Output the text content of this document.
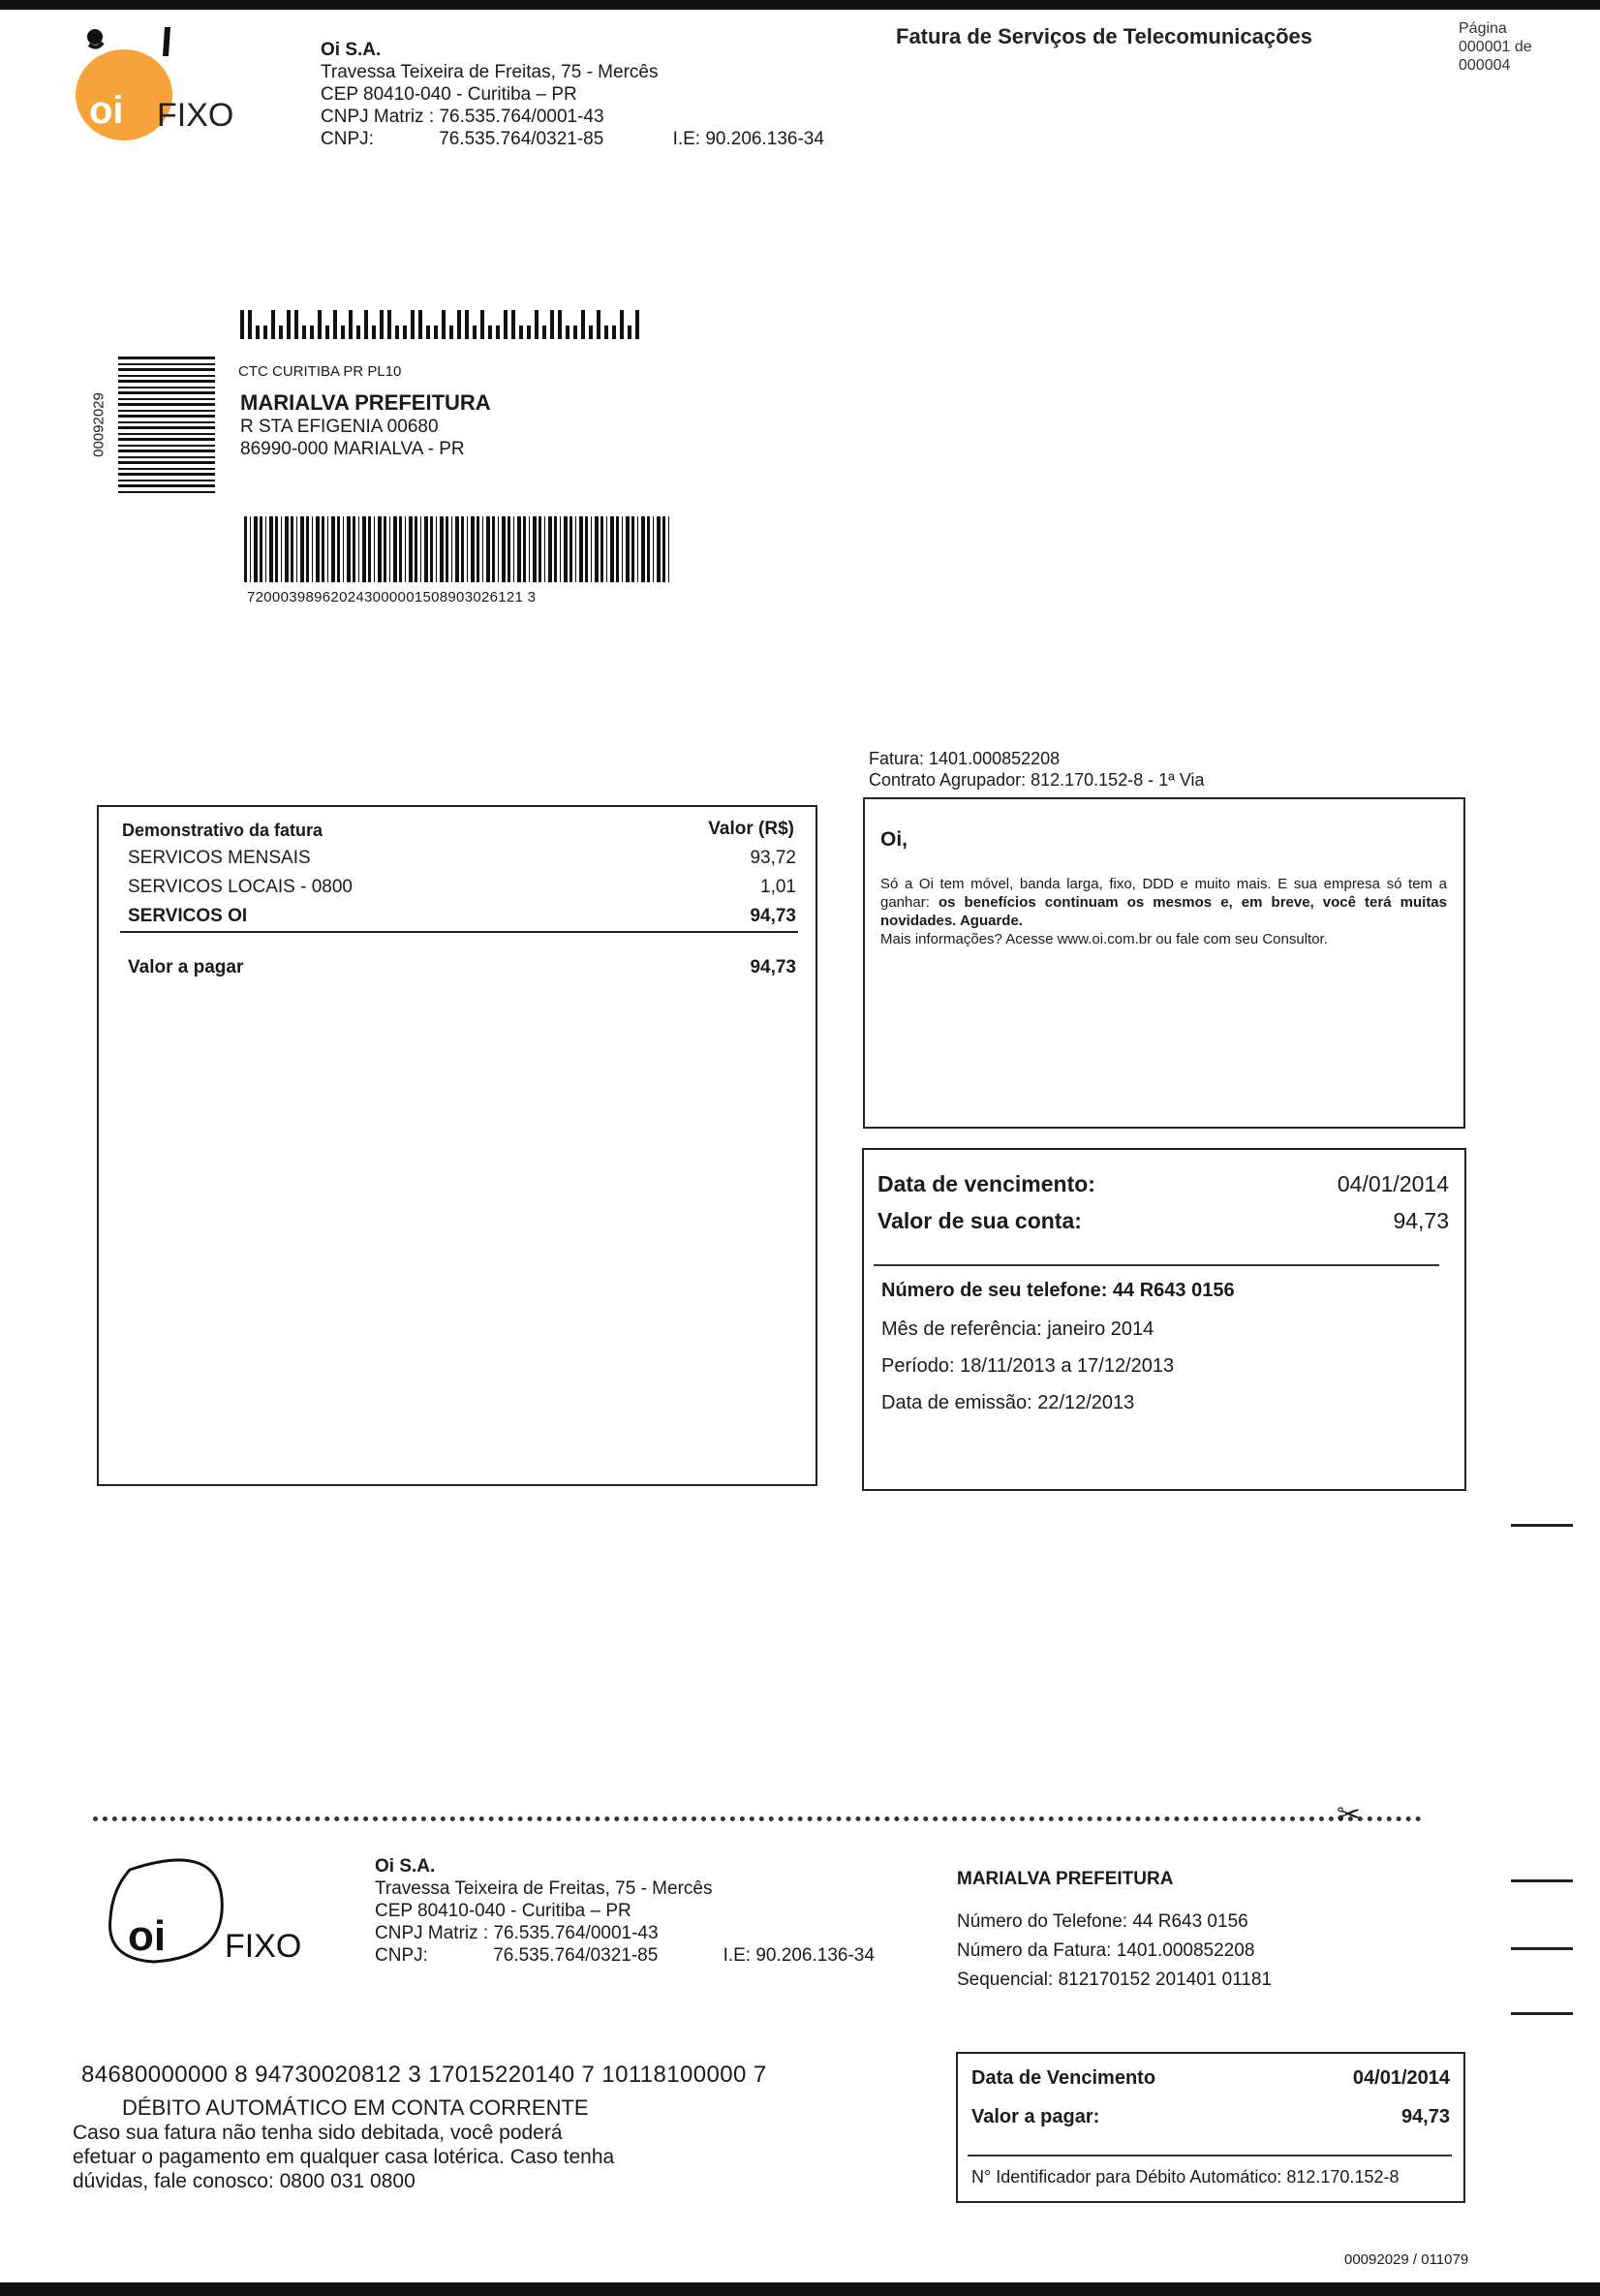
oi FIXO
Oi S.A.
Travessa Teixeira de Freitas, 75 - Mercês
CEP 80410-040 - Curitiba – PR
CNPJ Matriz : 76.535.764/0001-43
CNPJ:	76.535.764/0321-85	I.E: 90.206.136-34
Fatura de Serviços de Telecomunicações	Página
000001 de
000004
00092029
CTC CURITIBA PR PL10
MARIALVA PREFEITURA
R STA EFIGENIA 00680
86990-000 MARIALVA - PR
720003989620243000001508903026121 3
Fatura: 1401.000852208
Contrato Agrupador: 812.170.152-8 - 1ª Via
Demonstrativo da fatura	Valor (R$)
SERVICOS MENSAIS	93,72
SERVICOS LOCAIS - 0800	1,01
SERVICOS OI	94,73
Valor a pagar	94,73
Oi,
Só a Oi tem móvel, banda larga, fixo, DDD e muito mais. E sua empresa só tem a ganhar: os benefícios continuam os mesmos e, em breve, você terá muitas novidades. Aguarde.
Mais informações? Acesse www.oi.com.br ou fale com seu Consultor.
Data de vencimento:	04/01/2014
Valor de sua conta:	94,73
Número de seu telefone: 44 R643 0156
Mês de referência: janeiro 2014
Período: 18/11/2013 a 17/12/2013
Data de emissão: 22/12/2013
✂
oi FIXO
Oi S.A.
Travessa Teixeira de Freitas, 75 - Mercês
CEP 80410-040 - Curitiba – PR
CNPJ Matriz : 76.535.764/0001-43
CNPJ:	76.535.764/0321-85	I.E: 90.206.136-34
MARIALVA PREFEITURA
Número do Telefone: 44 R643 0156
Número da Fatura: 1401.000852208
Sequencial: 812170152 201401 01181
84680000000 8 94730020812 3 17015220140 7 10118100000 7
DÉBITO AUTOMÁTICO EM CONTA CORRENTE
Caso sua fatura não tenha sido debitada, você poderá
efetuar o pagamento em qualquer casa lotérica. Caso tenha
dúvidas, fale conosco: 0800 031 0800
Data de Vencimento	04/01/2014
Valor a pagar:	94,73
N° Identificador para Débito Automático: 812.170.152-8
00092029 / 011079
